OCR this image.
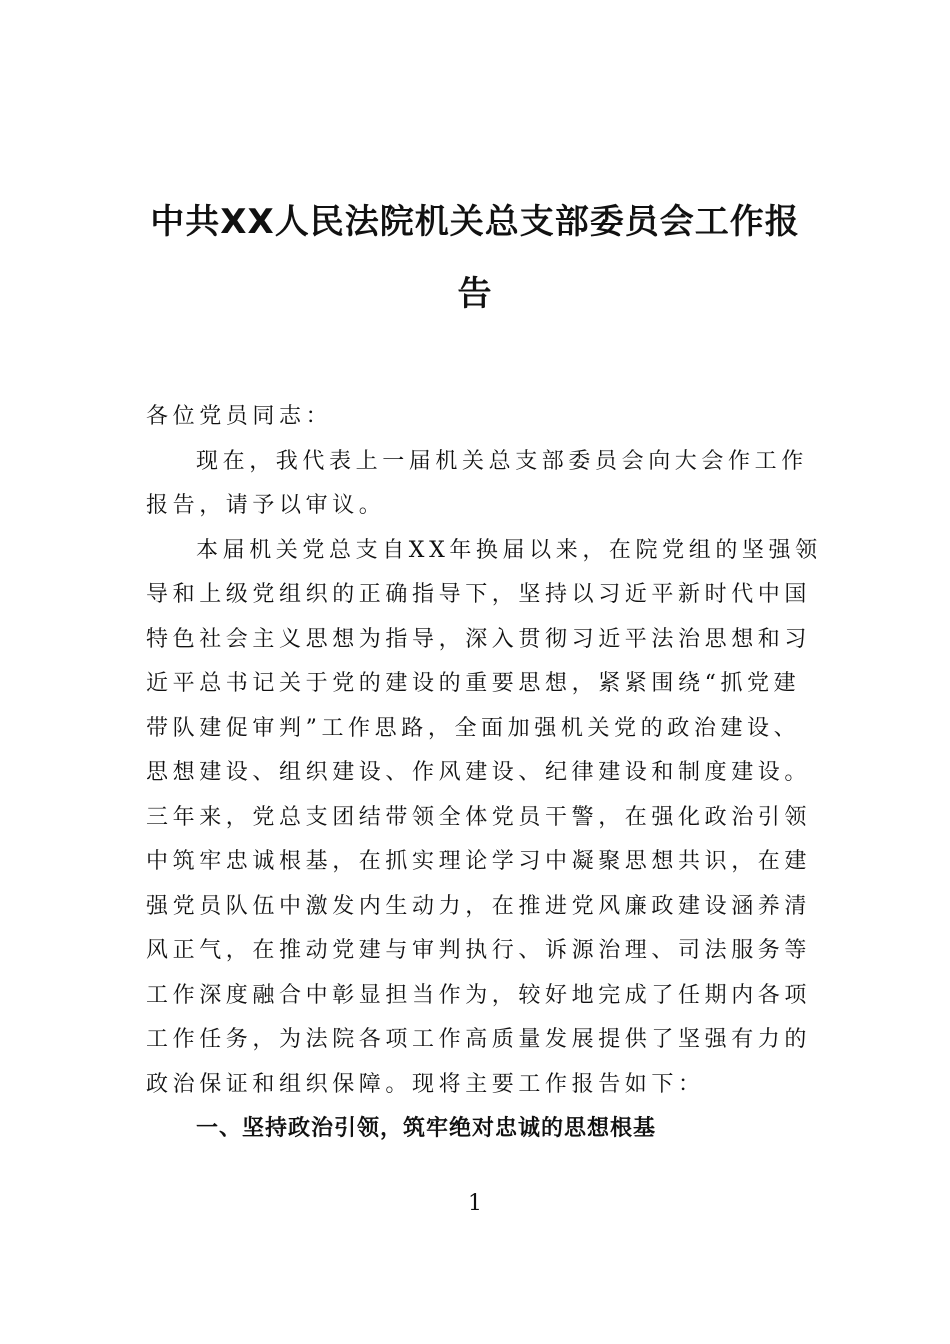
中共XX人民法院机关总支部委员会工作报
告
各位党员同志：
现在，我代表上一届机关总支部委员会向大会作工作
报告，请予以审议。
本届机关党总支自XX年换届以来，在院党组的坚强领
导和上级党组织的正确指导下，坚持以习近平新时代中国
特色社会主义思想为指导，深入贯彻习近平法治思想和习
近平总书记关于党的建设的重要思想，紧紧围绕“抓党建
带队建促审判”工作思路，全面加强机关党的政治建设、
思想建设、组织建设、作风建设、纪律建设和制度建设。
三年来，党总支团结带领全体党员干警，在强化政治引领
中筑牢忠诚根基，在抓实理论学习中凝聚思想共识，在建
强党员队伍中激发内生动力，在推进党风廉政建设涵养清
风正气，在推动党建与审判执行、诉源治理、司法服务等
工作深度融合中彰显担当作为，较好地完成了任期内各项
工作任务，为法院各项工作高质量发展提供了坚强有力的
政治保证和组织保障。现将主要工作报告如下：
一、坚持政治引领，筑牢绝对忠诚的思想根基
1
